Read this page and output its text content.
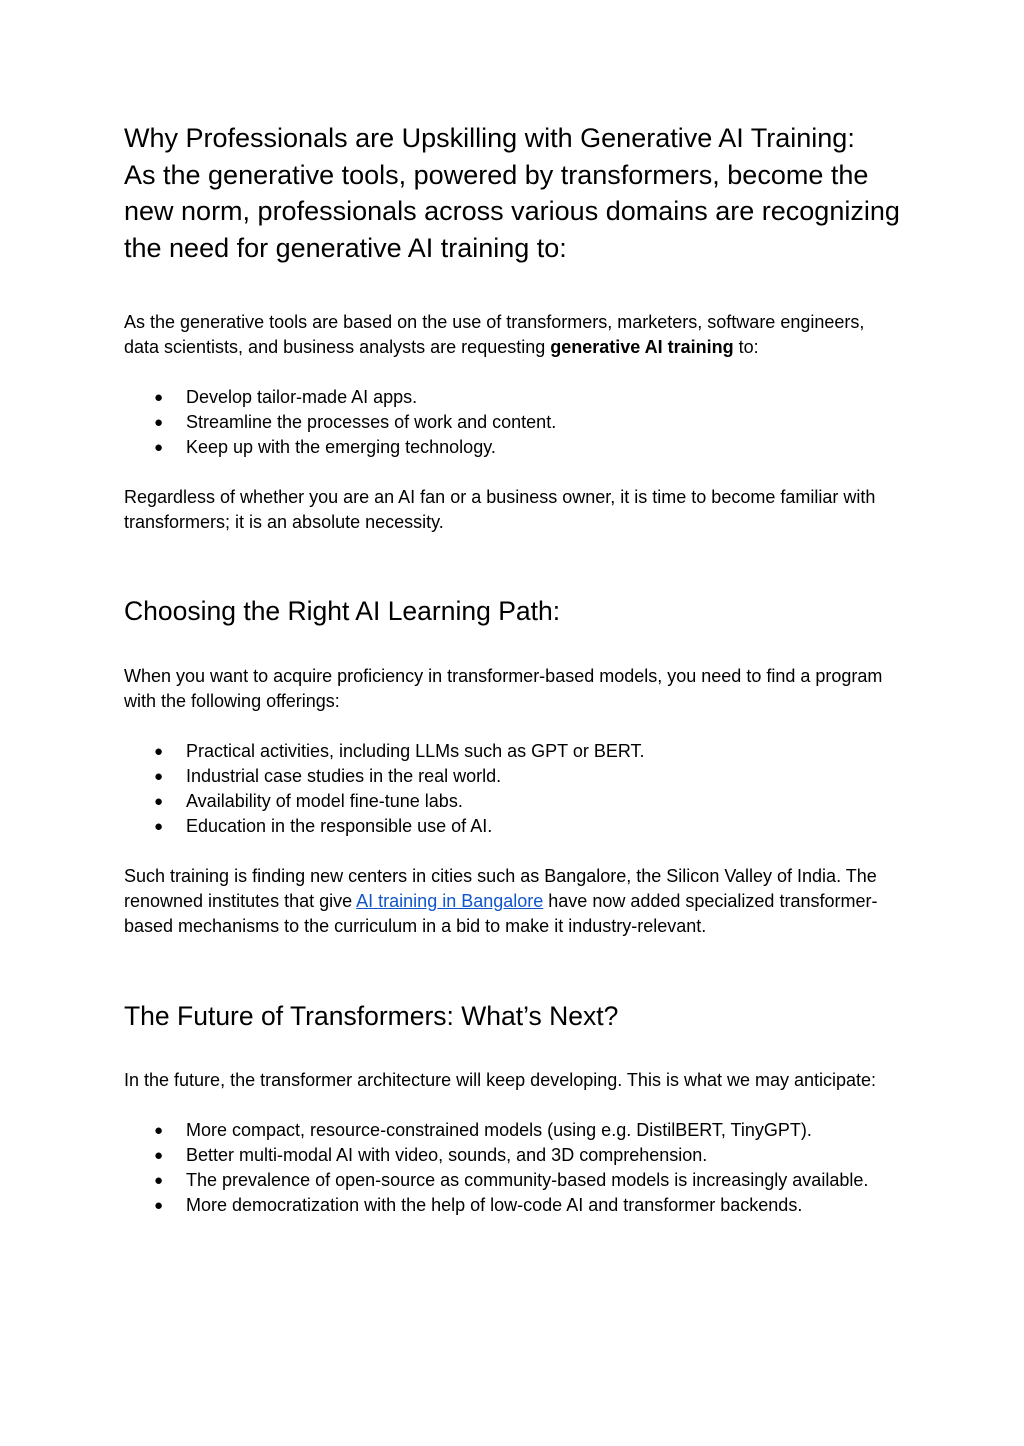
Why Professionals are Upskilling with Generative AI Training:
As the generative tools, powered by transformers, become the new norm, professionals across various domains are recognizing the need for generative AI training to:

As the generative tools are based on the use of transformers, marketers, software engineers, data scientists, and business analysts are requesting generative AI training to:

● Develop tailor-made AI apps.
● Streamline the processes of work and content.
● Keep up with the emerging technology.

Regardless of whether you are an AI fan or a business owner, it is time to become familiar with transformers; it is an absolute necessity.

Choosing the Right AI Learning Path:

When you want to acquire proficiency in transformer-based models, you need to find a program with the following offerings:

● Practical activities, including LLMs such as GPT or BERT.
● Industrial case studies in the real world.
● Availability of model fine-tune labs.
● Education in the responsible use of AI.

Such training is finding new centers in cities such as Bangalore, the Silicon Valley of India. The renowned institutes that give AI training in Bangalore have now added specialized transformer-based mechanisms to the curriculum in a bid to make it industry-relevant.

The Future of Transformers: What’s Next?

In the future, the transformer architecture will keep developing. This is what we may anticipate:

● More compact, resource-constrained models (using e.g. DistilBERT, TinyGPT).
● Better multi-modal AI with video, sounds, and 3D comprehension.
● The prevalence of open-source as community-based models is increasingly available.
● More democratization with the help of low-code AI and transformer backends.
